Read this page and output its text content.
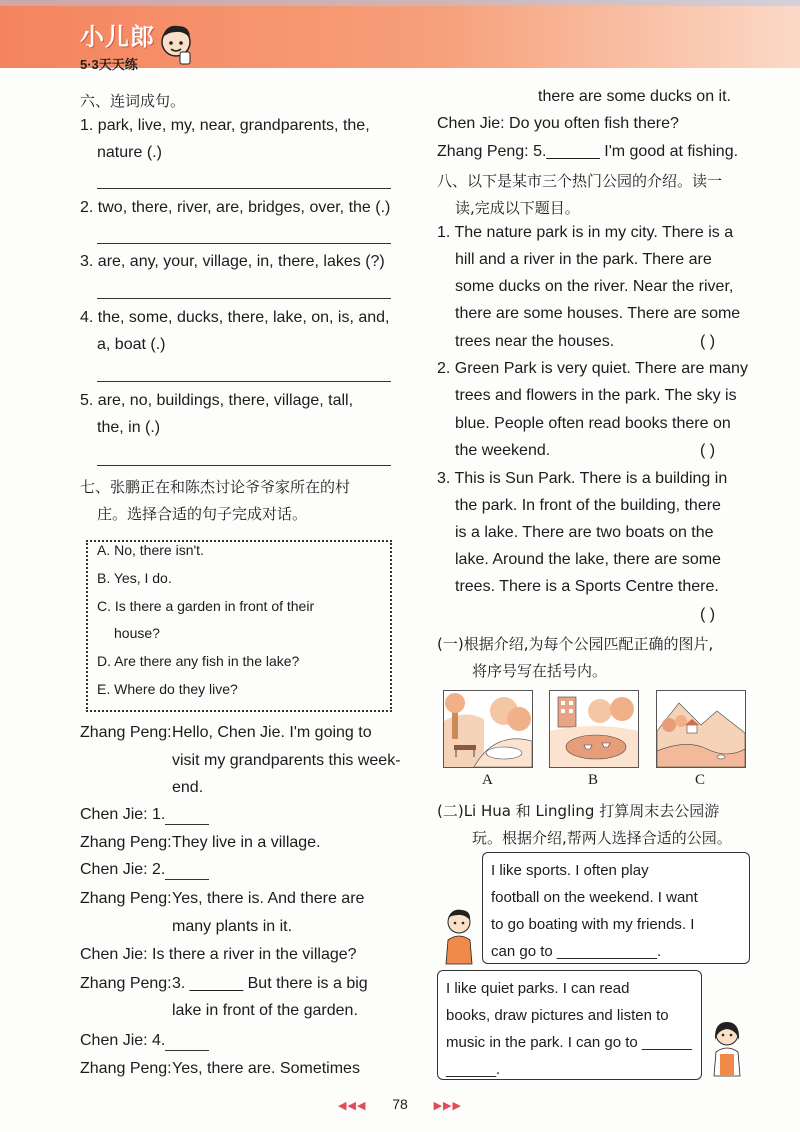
小儿郎
5·3天天练
六、连词成句。
1. park, live, my, near, grandparents, the,
nature (.)
2. two, there, river, are, bridges, over, the (.)
3. are, any, your, village, in, there, lakes (?)
4. the, some, ducks, there, lake, on, is, and,
a, boat (.)
5. are, no, buildings, there, village, tall,
the, in (.)
七、张鹏正在和陈杰讨论爷爷家所在的村
庄。选择合适的句子完成对话。
A. No, there isn't.
B. Yes, I do.
C. Is there a garden in front of their
house?
D. Are there any fish in the lake?
E. Where do they live?
Zhang Peng: Hello, Chen Jie. I'm going to
visit my grandparents this week-
end.
Chen Jie: 1.
Zhang Peng: They live in a village.
Chen Jie: 2.
Zhang Peng: Yes, there is. And there are
many plants in it.
Chen Jie: Is there a river in the village?
Zhang Peng: 3. ______ But there is a big
lake in front of the garden.
Chen Jie: 4.
Zhang Peng: Yes, there are. Sometimes
there are some ducks on it.
Chen Jie: Do you often fish there?
Zhang Peng: 5.______ I'm good at fishing.
八、以下是某市三个热门公园的介绍。读一
读,完成以下题目。
1. The nature park is in my city. There is a
hill and a river in the park. There are
some ducks on the river. Near the river,
there are some houses. There are some
trees near the houses.	( )
2. Green Park is very quiet. There are many
trees and flowers in the park. The sky is
blue. People often read books there on
the weekend.	( )
3. This is Sun Park. There is a building in
the park. In front of the building, there
is a lake. There are two boats on the
lake. Around the lake, there are some
trees. There is a Sports Centre there.
( )
(一)根据介绍,为每个公园匹配正确的图片,
将序号写在括号内。
A	B	C
(二)Li Hua 和 Lingling 打算周末去公园游
玩。根据介绍,帮两人选择合适的公园。
I like sports. I often play
football on the weekend. I want
to go boating with my friends. I
can go to ____________.
I like quiet parks. I can read
books, draw pictures and listen to
music in the park. I can go to ______
______.
◀◀◀ 78 ▶▶▶
